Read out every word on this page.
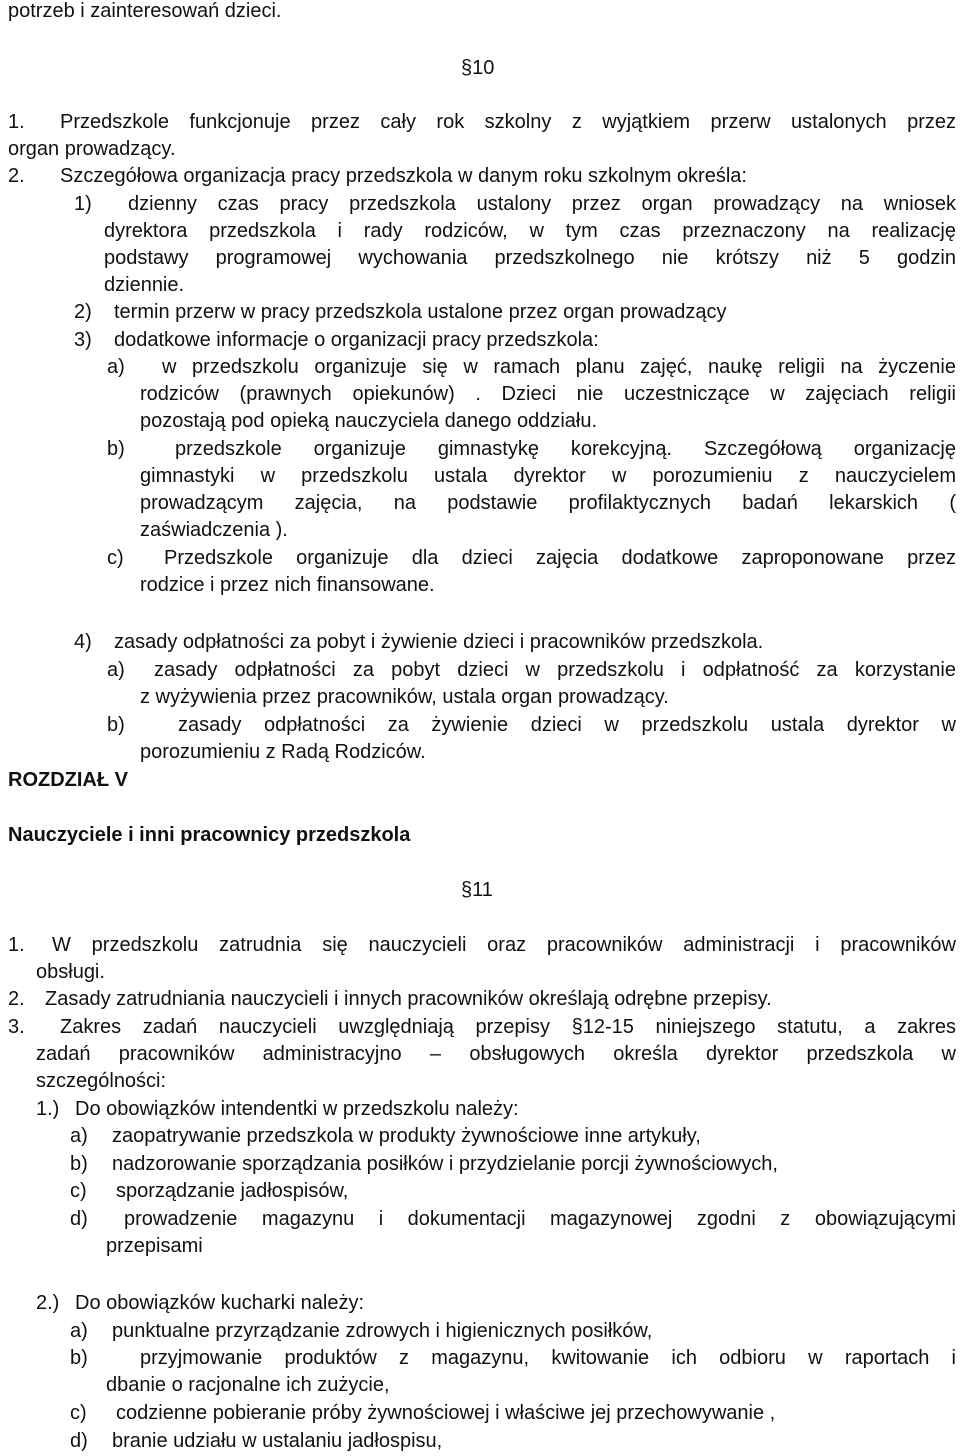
potrzeb i zainteresowań dzieci.
§10
1. Przedszkole funkcjonuje przez cały rok szkolny z wyjątkiem przerw ustalonych przez
organ prowadzący.
2. Szczegółowa organizacja pracy przedszkola w danym roku szkolnym określa:
1) dzienny czas pracy przedszkola ustalony przez organ prowadzący na wniosek
dyrektora przedszkola i rady rodziców, w tym czas przeznaczony na realizację
podstawy programowej wychowania przedszkolnego nie krótszy niż 5 godzin
dziennie.
2) termin przerw w pracy przedszkola ustalone przez organ prowadzący
3) dodatkowe informacje o organizacji pracy przedszkola:
a) w przedszkolu organizuje się w ramach planu zajęć, naukę religii na życzenie
rodziców (prawnych opiekunów) . Dzieci nie uczestniczące w zajęciach religii
pozostają pod opieką nauczyciela danego oddziału.
b)	przedszkole organizuje gimnastykę korekcyjną. Szczegółową organizację
gimnastyki w przedszkolu ustala dyrektor w porozumieniu z nauczycielem
prowadzącym zajęcia, na podstawie profilaktycznych badań lekarskich (
zaświadczenia ).
c) Przedszkole organizuje dla dzieci zajęcia dodatkowe zaproponowane przez
rodzice i przez nich finansowane.
4) zasady odpłatności za pobyt i żywienie dzieci i pracowników przedszkola.
a) zasady odpłatności za pobyt dzieci w przedszkolu i odpłatność za korzystanie
z wyżywienia przez pracowników, ustala organ prowadzący.
b)	zasady odpłatności za żywienie dzieci w przedszkolu ustala dyrektor w
porozumieniu z Radą Rodziców.
ROZDZIAŁ V
Nauczyciele i inni pracownicy przedszkola
§11
1. W przedszkolu zatrudnia się nauczycieli oraz pracowników administracji i pracowników
obsługi.
2. Zasady zatrudniania nauczycieli i innych pracowników określają odrębne przepisy.
3. Zakres zadań nauczycieli uwzględniają przepisy §12-15 niniejszego statutu, a zakres
zadań pracowników administracyjno – obsługowych określa dyrektor przedszkola w
szczególności:
1.) Do obowiązków intendentki w przedszkolu należy:
a) zaopatrywanie przedszkola w produkty żywnościowe inne artykuły,
b) nadzorowanie sporządzania posiłków i przydzielanie porcji żywnościowych,
c) sporządzanie jadłospisów,
d) prowadzenie magazynu i dokumentacji magazynowej zgodni z obowiązującymi
przepisami
2.) Do obowiązków kucharki należy:
a) punktualne przyrządzanie zdrowych i higienicznych posiłków,
b)	przyjmowanie produktów z magazynu, kwitowanie ich odbioru w raportach i
dbanie o racjonalne ich zużycie,
c) codzienne pobieranie próby żywnościowej i właściwe jej przechowywanie ,
d) branie udziału w ustalaniu jadłospisu,
